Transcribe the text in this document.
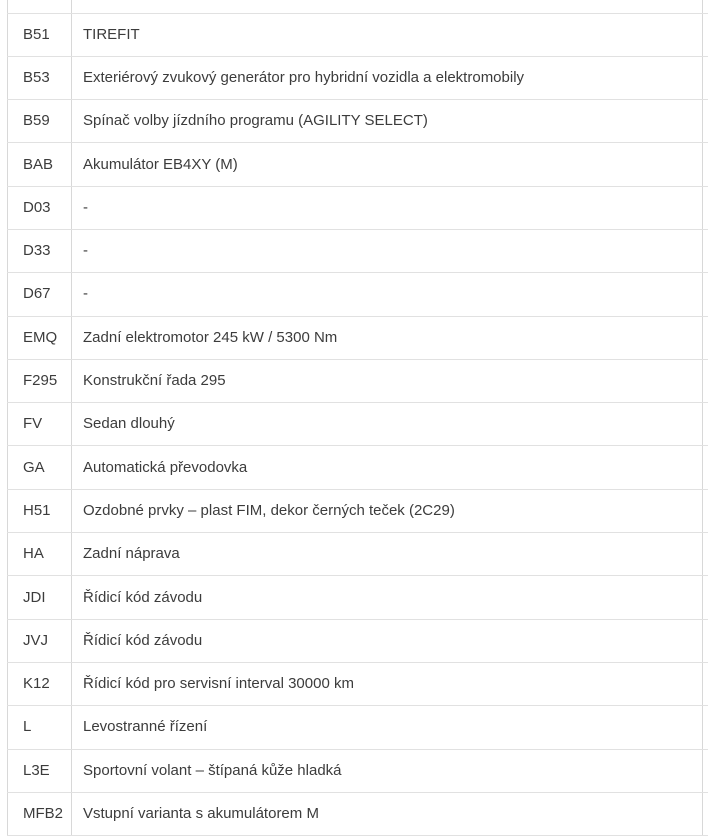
B51	TIREFIT	
B53	Exteriérový zvukový generátor pro hybridní vozidla a elektromobily	
B59	Spínač volby jízdního programu (AGILITY SELECT)	
BAB	Akumulátor EB4XY (M)	
D03	-	
D33	-	
D67	-	
EMQ	Zadní elektromotor 245 kW / 5300 Nm	
F295	Konstrukční řada 295	
FV	Sedan dlouhý	
GA	Automatická převodovka	
H51	Ozdobné prvky – plast FIM, dekor černých teček (2C29)	
HA	Zadní náprava	
JDI	Řídicí kód závodu	
JVJ	Řídicí kód závodu	
K12	Řídicí kód pro servisní interval 30000 km	
L	Levostranné řízení	
L3E	Sportovní volant – štípaná kůže hladká	
MFB2	Vstupní varianta s akumulátorem M	
